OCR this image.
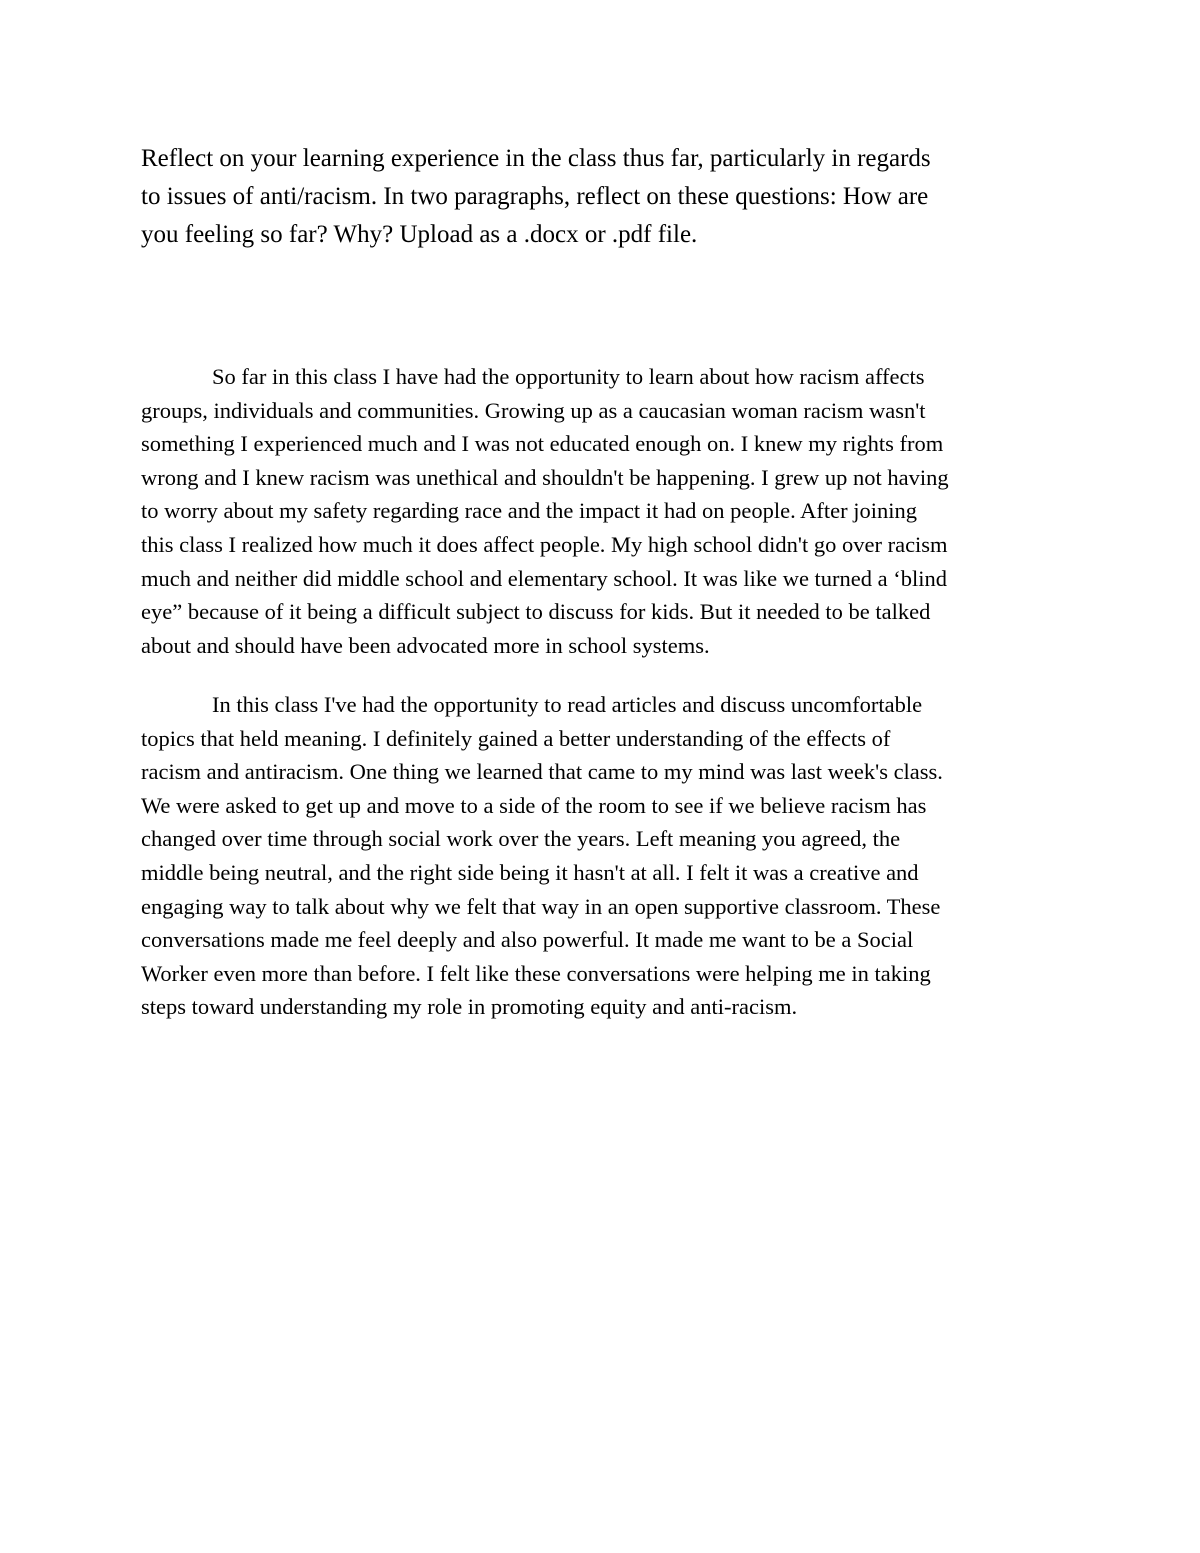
Reflect on your learning experience in the class thus far, particularly in regards
to issues of anti/racism. In two paragraphs, reflect on these questions: How are
you feeling so far? Why? Upload as a .docx or .pdf file.

So far in this class I have had the opportunity to learn about how racism affects
groups, individuals and communities. Growing up as a caucasian woman racism wasn't
something I experienced much and I was not educated enough on. I knew my rights from
wrong and I knew racism was unethical and shouldn't be happening. I grew up not having
to worry about my safety regarding race and the impact it had on people. After joining
this class I realized how much it does affect people. My high school didn't go over racism
much and neither did middle school and elementary school. It was like we turned a ‘blind
eye” because of it being a difficult subject to discuss for kids. But it needed to be talked
about and should have been advocated more in school systems.

In this class I've had the opportunity to read articles and discuss uncomfortable
topics that held meaning. I definitely gained a better understanding of the effects of
racism and antiracism. One thing we learned that came to my mind was last week's class.
We were asked to get up and move to a side of the room to see if we believe racism has
changed over time through social work over the years. Left meaning you agreed, the
middle being neutral, and the right side being it hasn't at all. I felt it was a creative and
engaging way to talk about why we felt that way in an open supportive classroom. These
conversations made me feel deeply and also powerful. It made me want to be a Social
Worker even more than before. I felt like these conversations were helping me in taking
steps toward understanding my role in promoting equity and anti-racism.
